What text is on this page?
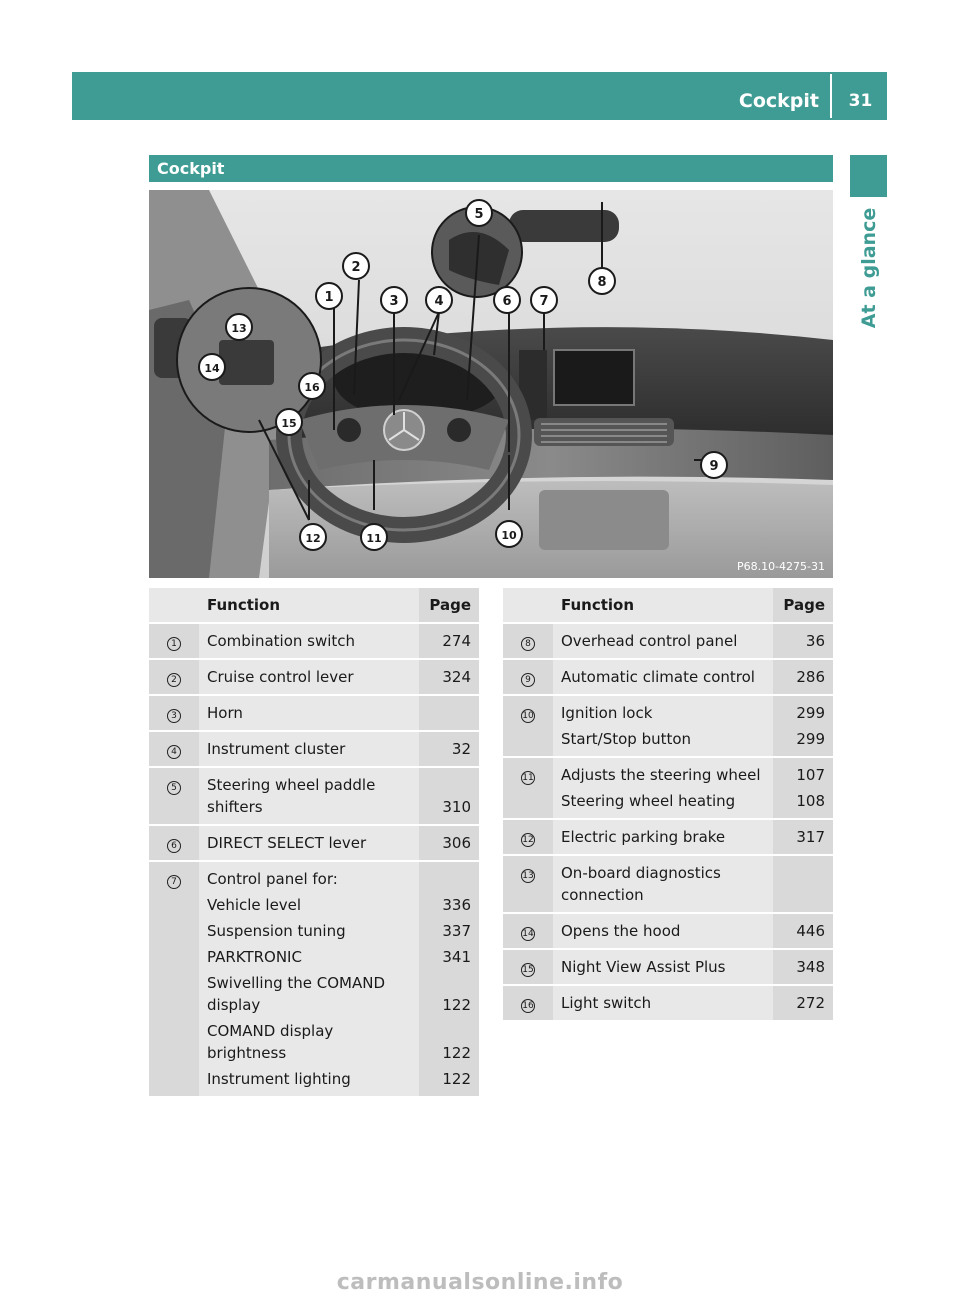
Cockpit	31
At a glance
Cockpit
1
2
3	4
5
6 7
8
9
10
11
12
13
14
15
16
P68.10-4275-31
Function	Page
1	Combination switch	274
2	Cruise control lever	324
3	Horn
4	Instrument cluster	32
5	Steering wheel paddle shifters	310
6	DIRECT SELECT lever	306
7	Control panel for:
Vehicle level	336
Suspension tuning	337
PARKTRONIC	341
Swivelling the COMAND display	122
COMAND display brightness	122
Instrument lighting	122
Function	Page
8	Overhead control panel	36
9	Automatic climate control	286
10	Ignition lock	299
Start/Stop button	299
11	Adjusts the steering wheel	107
Steering wheel heating	108
12	Electric parking brake	317
13	On-board diagnostics connection
14	Opens the hood	446
15	Night View Assist Plus	348
16	Light switch	272
carmanualsonline.info
